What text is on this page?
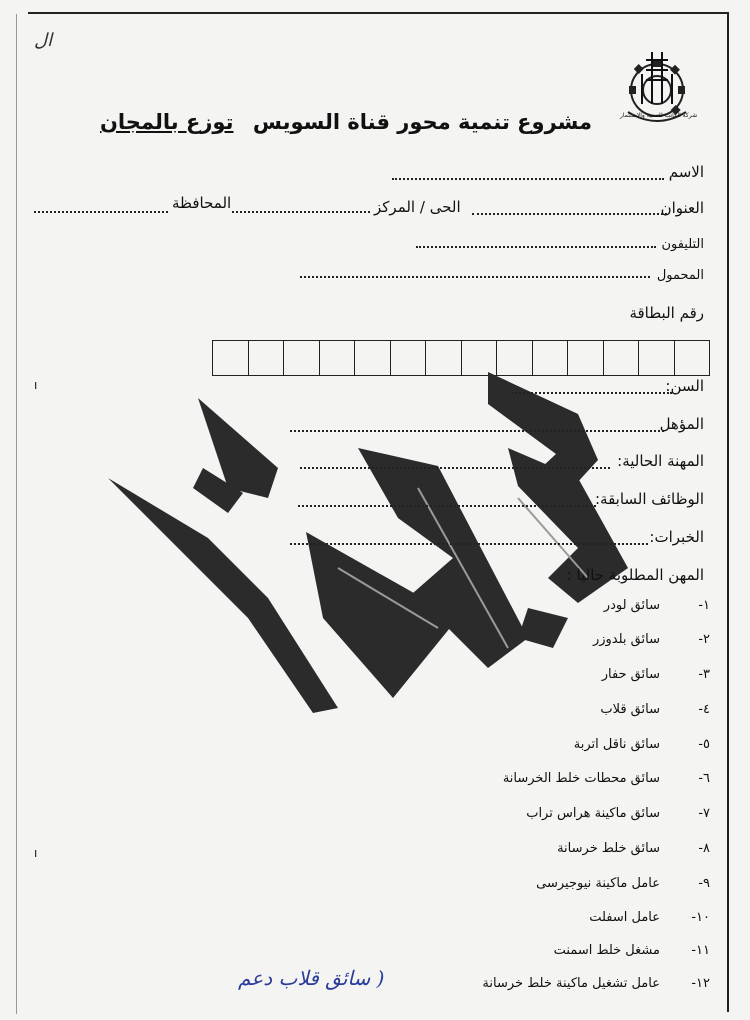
ال
شركة الكاتب للتنمية والاستثمار
مشروع تنمية محور قناة السويس
توزع بالمجان
الاسم
العنوان
الحى / المركز
المحافظة
التليفون
المحمول
رقم البطاقة
السن:
المؤهل
المهنة الحالية:
الوظائف السابقة:
الخبرات:
المهن المطلوبة حاليا :
سائق لودر	١-
سائق بلدوزر	٢-
سائق حفار	٣-
سائق قلاب	٤-
سائق ناقل اتربة	٥-
سائق محطات خلط الخرسانة	٦-
سائق ماكينة هراس تراب	٧-
سائق خلط خرسانة	٨-
عامل ماكينة نيوجيرسى	٩-
عامل اسفلت ١٠-
مشغل خلط اسمنت ١١-
عامل تشغيل ماكينة خلط خرسانة ١٢-
( سائق قلاب دعم
ı
ı
